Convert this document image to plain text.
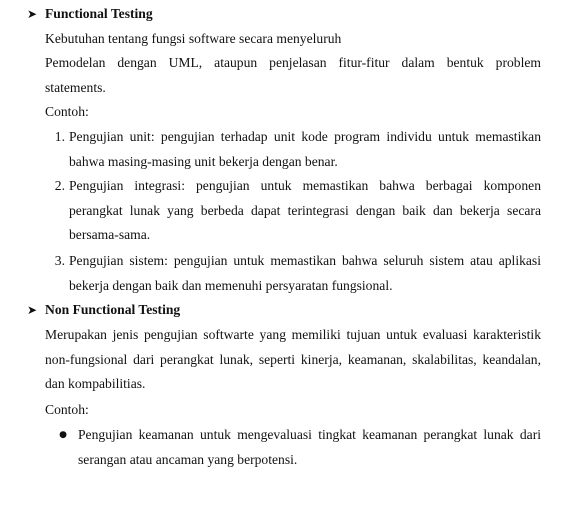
➤ Functional Testing
Kebutuhan tentang fungsi software secara menyeluruh
Pemodelan dengan UML, ataupun penjelasan fitur-fitur dalam bentuk problem
statements.
Contoh:
1. Pengujian unit: pengujian terhadap unit kode program individu untuk memastikan
bahwa masing-masing unit bekerja dengan benar.
2. Pengujian integrasi: pengujian untuk memastikan bahwa berbagai komponen
perangkat lunak yang berbeda dapat terintegrasi dengan baik dan bekerja secara
bersama-sama.
3. Pengujian sistem: pengujian untuk memastikan bahwa seluruh sistem atau aplikasi
bekerja dengan baik dan memenuhi persyaratan fungsional.
➤ Non Functional Testing
Merupakan jenis pengujian softwarte yang memiliki tujuan untuk evaluasi karakteristik
non-fungsional dari perangkat lunak, seperti kinerja, keamanan, skalabilitas, keandalan,
dan kompabilitias.
Contoh:
● Pengujian keamanan untuk mengevaluasi tingkat keamanan perangkat lunak dari
serangan atau ancaman yang berpotensi.
